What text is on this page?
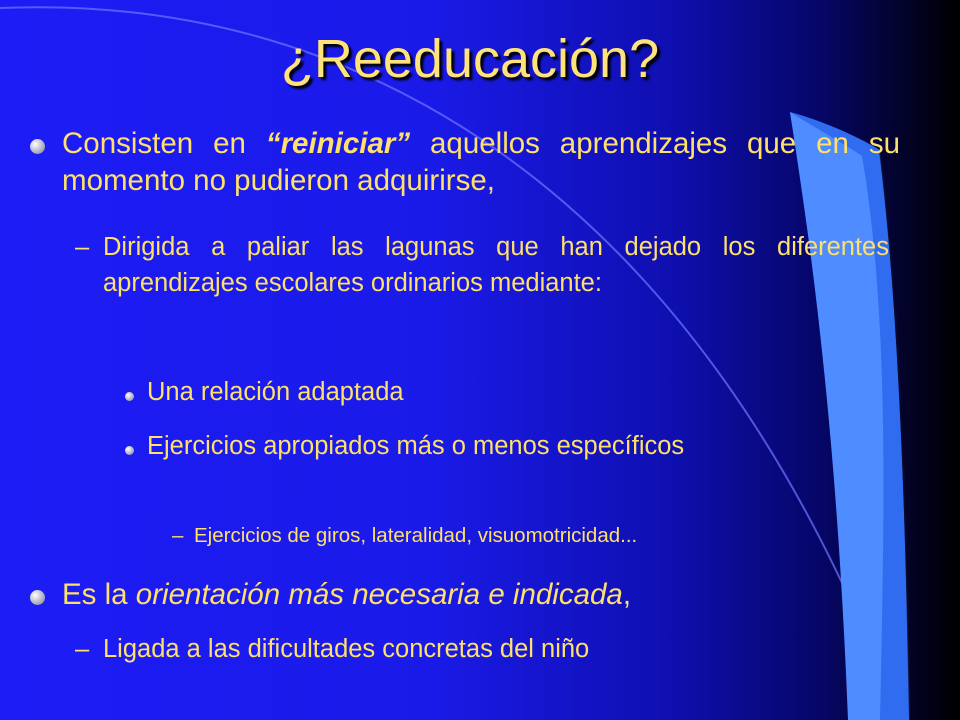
¿Reeducación?
Consisten en “reiniciar” aquellos aprendizajes que en su momento no pudieron adquirirse,
– Dirigida a paliar las lagunas que han dejado los diferentes aprendizajes escolares ordinarios mediante:
Una relación adaptada
Ejercicios apropiados más o menos específicos
– Ejercicios de giros, lateralidad, visuomotricidad...
Es la orientación más necesaria e indicada,
– Ligada a las dificultades concretas del niño
